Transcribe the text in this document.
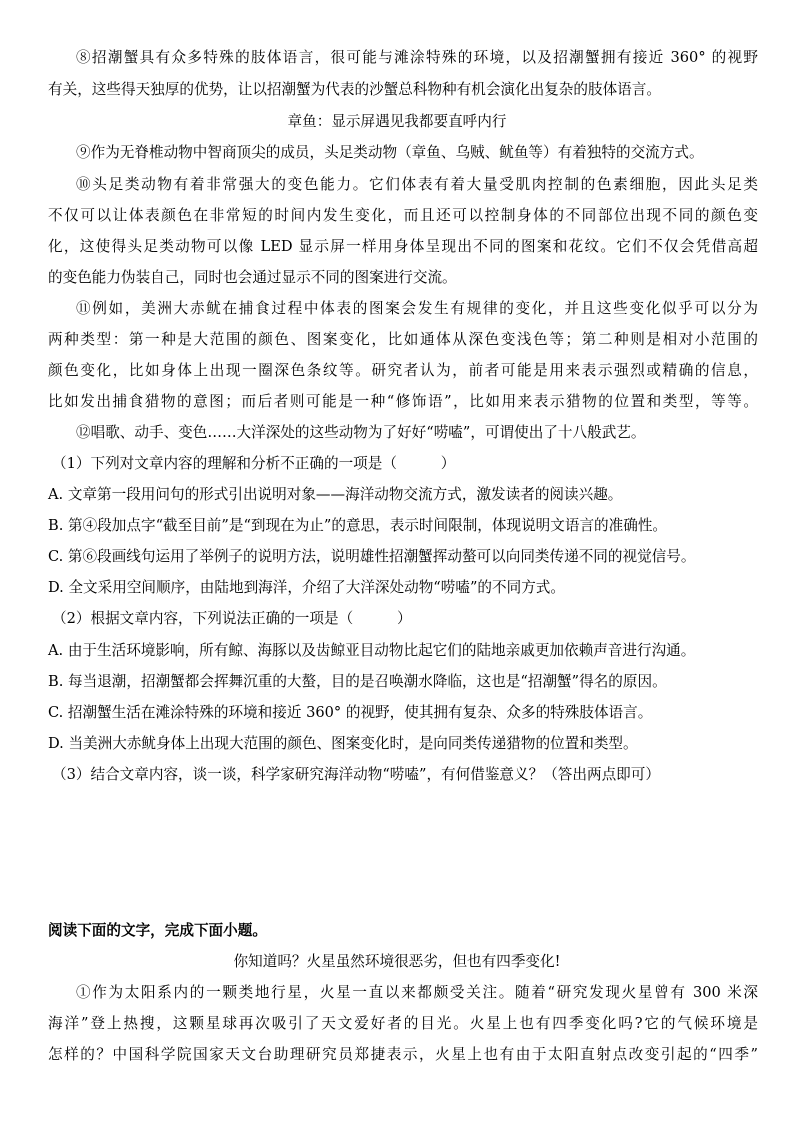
⑧招潮蟹具有众多特殊的肢体语言，很可能与滩涂特殊的环境，以及招潮蟹拥有接近 360° 的视野
有关，这些得天独厚的优势，让以招潮蟹为代表的沙蟹总科物种有机会演化出复杂的肢体语言。
章鱼：显示屏遇见我都要直呼内行
⑨作为无脊椎动物中智商顶尖的成员，头足类动物（章鱼、乌贼、鱿鱼等）有着独特的交流方式。
⑩头足类动物有着非常强大的变色能力。它们体表有着大量受肌肉控制的色素细胞，因此头足类
不仅可以让体表颜色在非常短的时间内发生变化，而且还可以控制身体的不同部位出现不同的颜色变
化，这使得头足类动物可以像 LED 显示屏一样用身体呈现出不同的图案和花纹。它们不仅会凭借高超
的变色能力伪装自己，同时也会通过显示不同的图案进行交流。
⑪例如，美洲大赤鱿在捕食过程中体表的图案会发生有规律的变化，并且这些变化似乎可以分为
两种类型：第一种是大范围的颜色、图案变化，比如通体从深色变浅色等；第二种则是相对小范围的
颜色变化，比如身体上出现一圈深色条纹等。研究者认为，前者可能是用来表示强烈或精确的信息，
比如发出捕食猎物的意图；而后者则可能是一种“修饰语”，比如用来表示猎物的位置和类型，等等。
⑫唱歌、动手、变色……大洋深处的这些动物为了好好“唠嗑”，可谓使出了十八般武艺。
（1）下列对文章内容的理解和分析不正确的一项是（　　　）
A. 文章第一段用问句的形式引出说明对象——海洋动物交流方式，激发读者的阅读兴趣。
B. 第④段加点字“截至目前”是“到现在为止”的意思，表示时间限制，体现说明文语言的准确性。
C. 第⑥段画线句运用了举例子的说明方法，说明雄性招潮蟹挥动螯可以向同类传递不同的视觉信号。
D. 全文采用空间顺序，由陆地到海洋，介绍了大洋深处动物“唠嗑”的不同方式。
（2）根据文章内容，下列说法正确的一项是（　　　）
A. 由于生活环境影响，所有鲸、海豚以及齿鲸亚目动物比起它们的陆地亲戚更加依赖声音进行沟通。
B. 每当退潮，招潮蟹都会挥舞沉重的大螯，目的是召唤潮水降临，这也是“招潮蟹”得名的原因。
C. 招潮蟹生活在滩涂特殊的环境和接近 360° 的视野，使其拥有复杂、众多的特殊肢体语言。
D. 当美洲大赤鱿身体上出现大范围的颜色、图案变化时，是向同类传递猎物的位置和类型。
（3）结合文章内容，谈一谈，科学家研究海洋动物“唠嗑”，有何借鉴意义？（答出两点即可）
阅读下面的文字，完成下面小题。
你知道吗？火星虽然环境很恶劣，但也有四季变化!
①作为太阳系内的一颗类地行星，火星一直以来都颇受关注。随着“研究发现火星曾有 300 米深
海洋”登上热搜，这颗星球再次吸引了天文爱好者的目光。火星上也有四季变化吗?它的气候环境是
怎样的？中国科学院国家天文台助理研究员郑捷表示，火星上也有由于太阳直射点改变引起的“四季”
